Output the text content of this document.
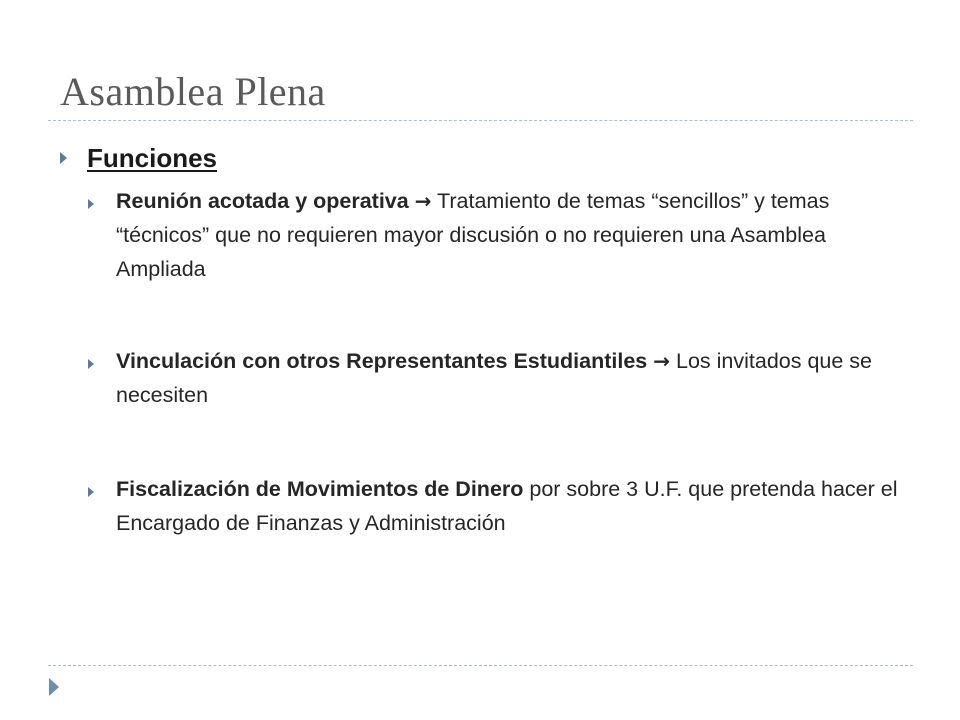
Asamblea Plena
Funciones
Reunión acotada y operativa → Tratamiento de temas “sencillos” y temas “técnicos” que no requieren mayor discusión o no requieren una Asamblea Ampliada
Vinculación con otros Representantes Estudiantiles → Los invitados que se necesiten
Fiscalización de Movimientos de Dinero por sobre 3 U.F. que pretenda hacer el Encargado de Finanzas y Administración
